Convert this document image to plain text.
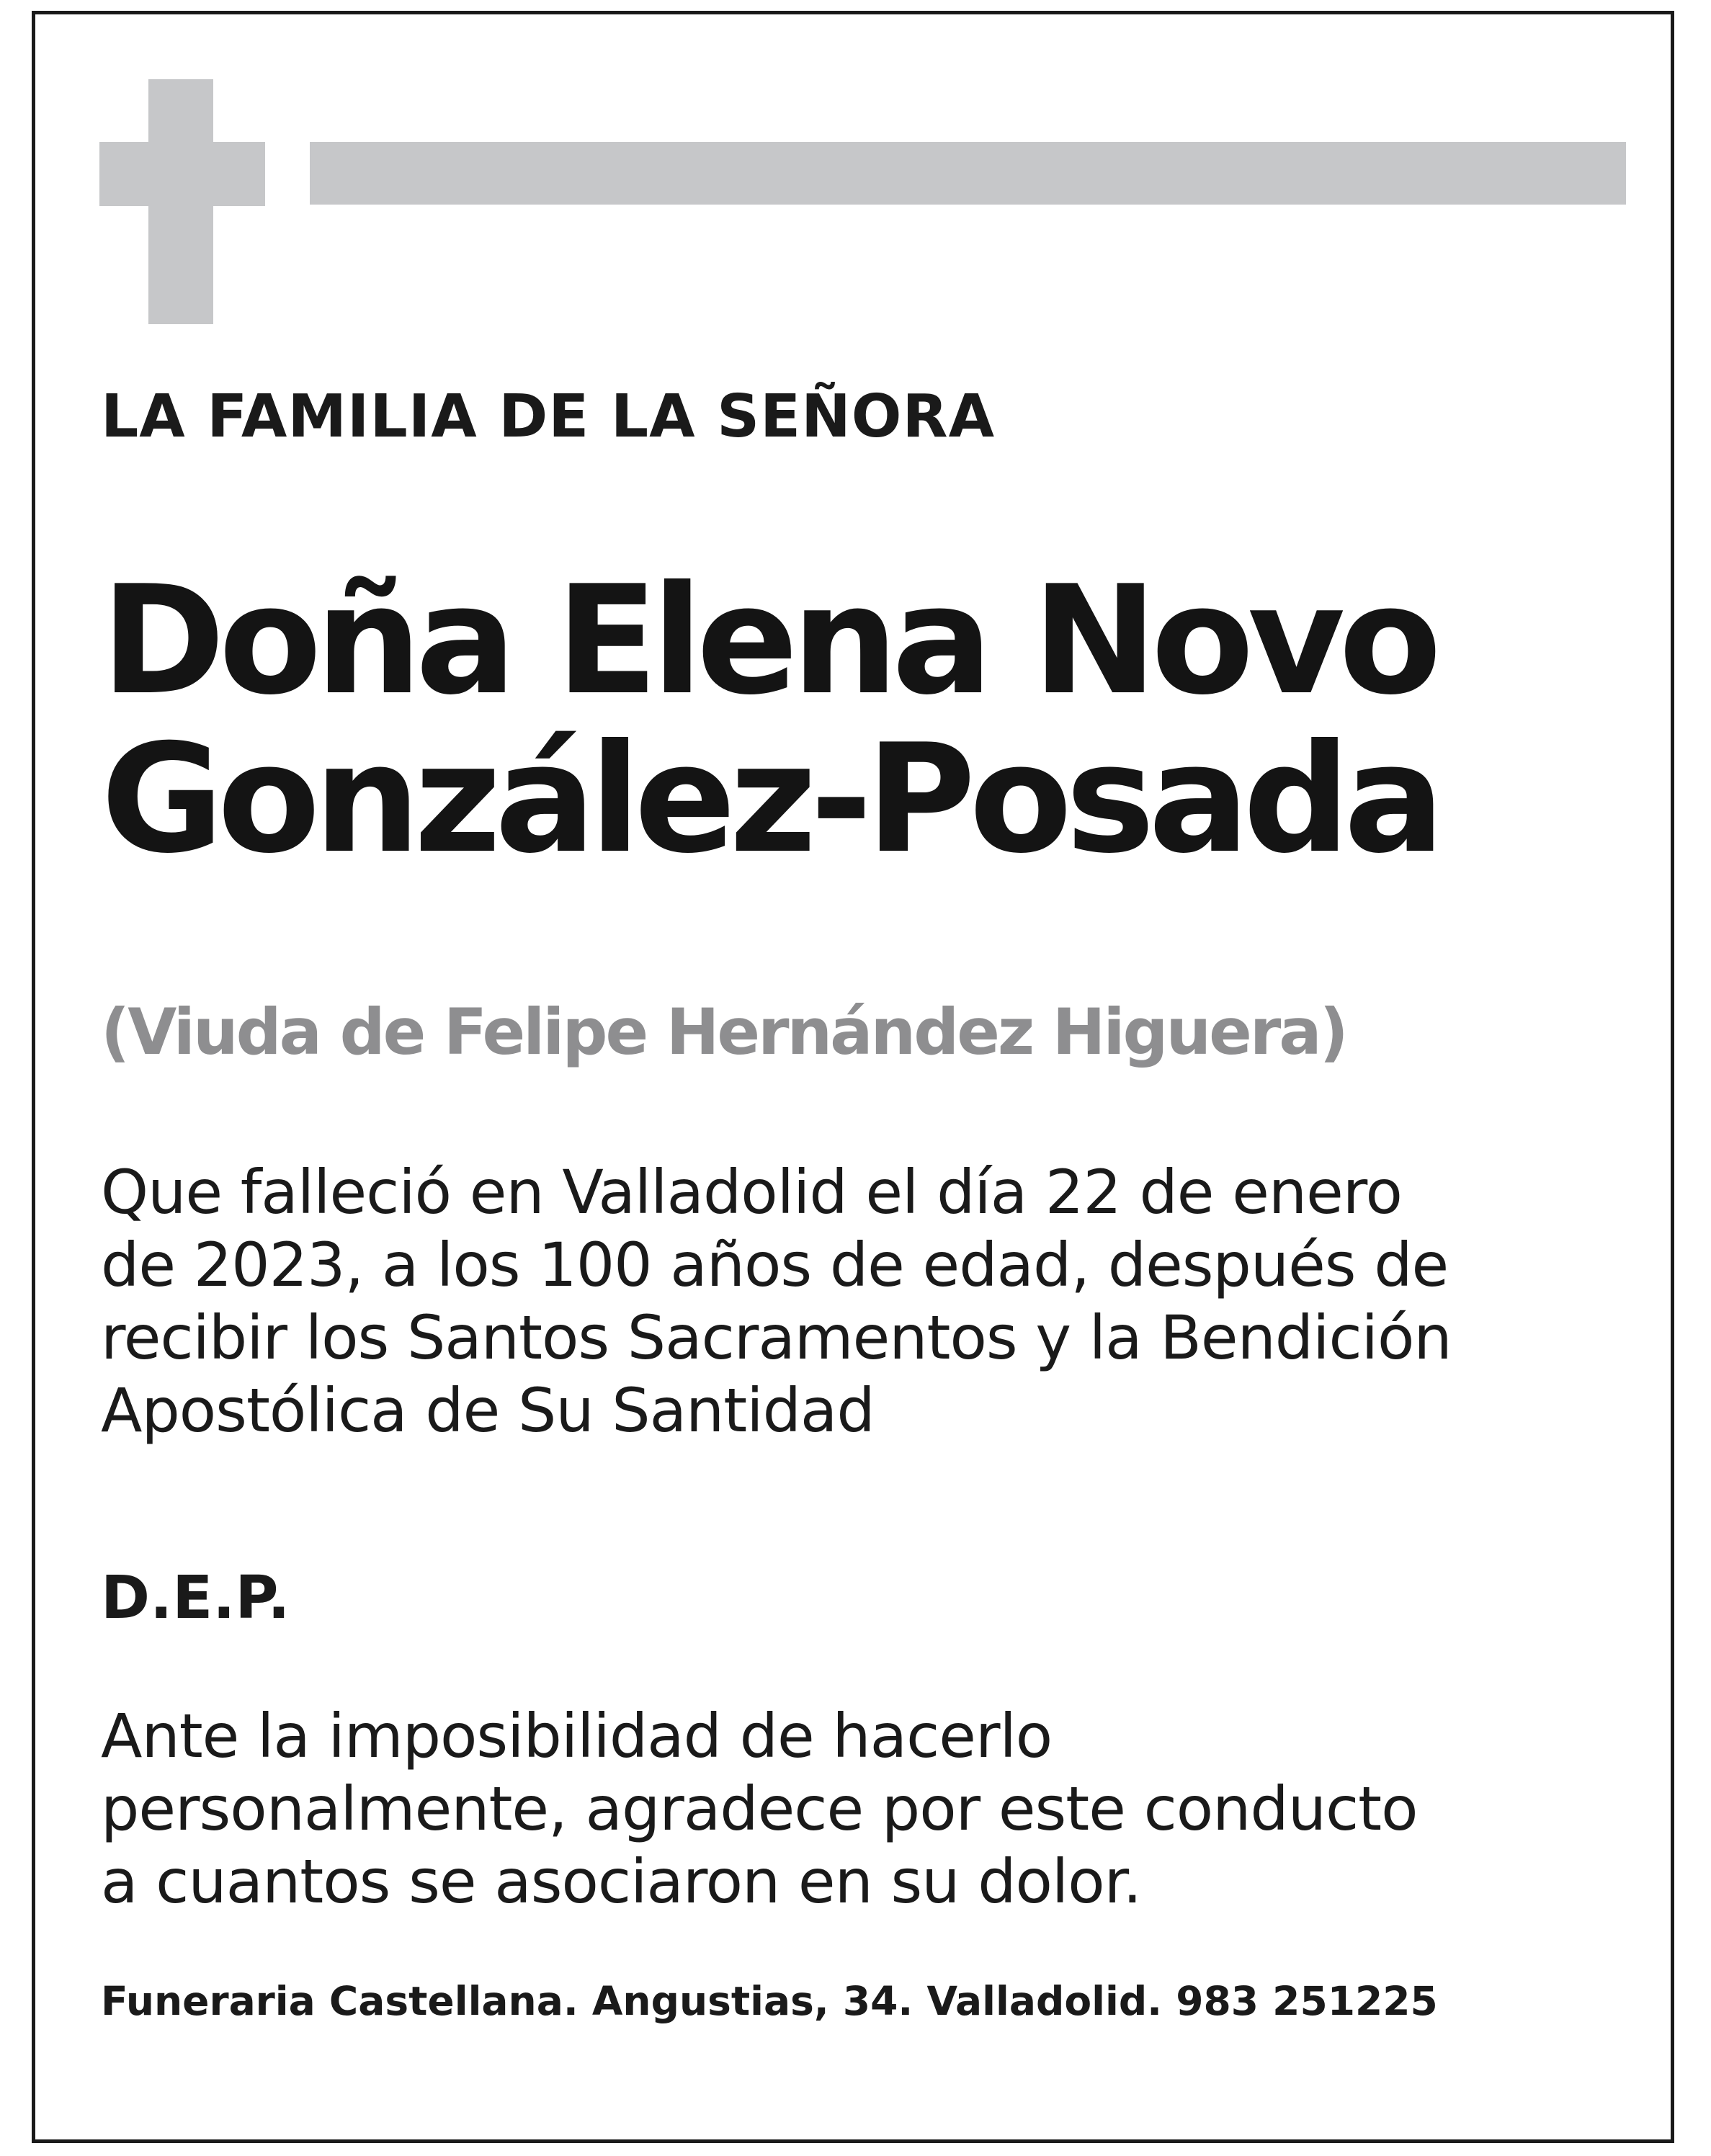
LA FAMILIA DE LA SEÑORA

Doña Elena Novo
González-Posada

(Viuda de Felipe Hernández Higuera)

Que falleció en Valladolid el día 22 de enero
de 2023, a los 100 años de edad, después de
recibir los Santos Sacramentos y la Bendición
Apostólica de Su Santidad

D.E.P.

Ante la imposibilidad de hacerlo
personalmente, agradece por este conducto
a cuantos se asociaron en su dolor.

Funeraria Castellana. Angustias, 34. Valladolid. 983 251225
